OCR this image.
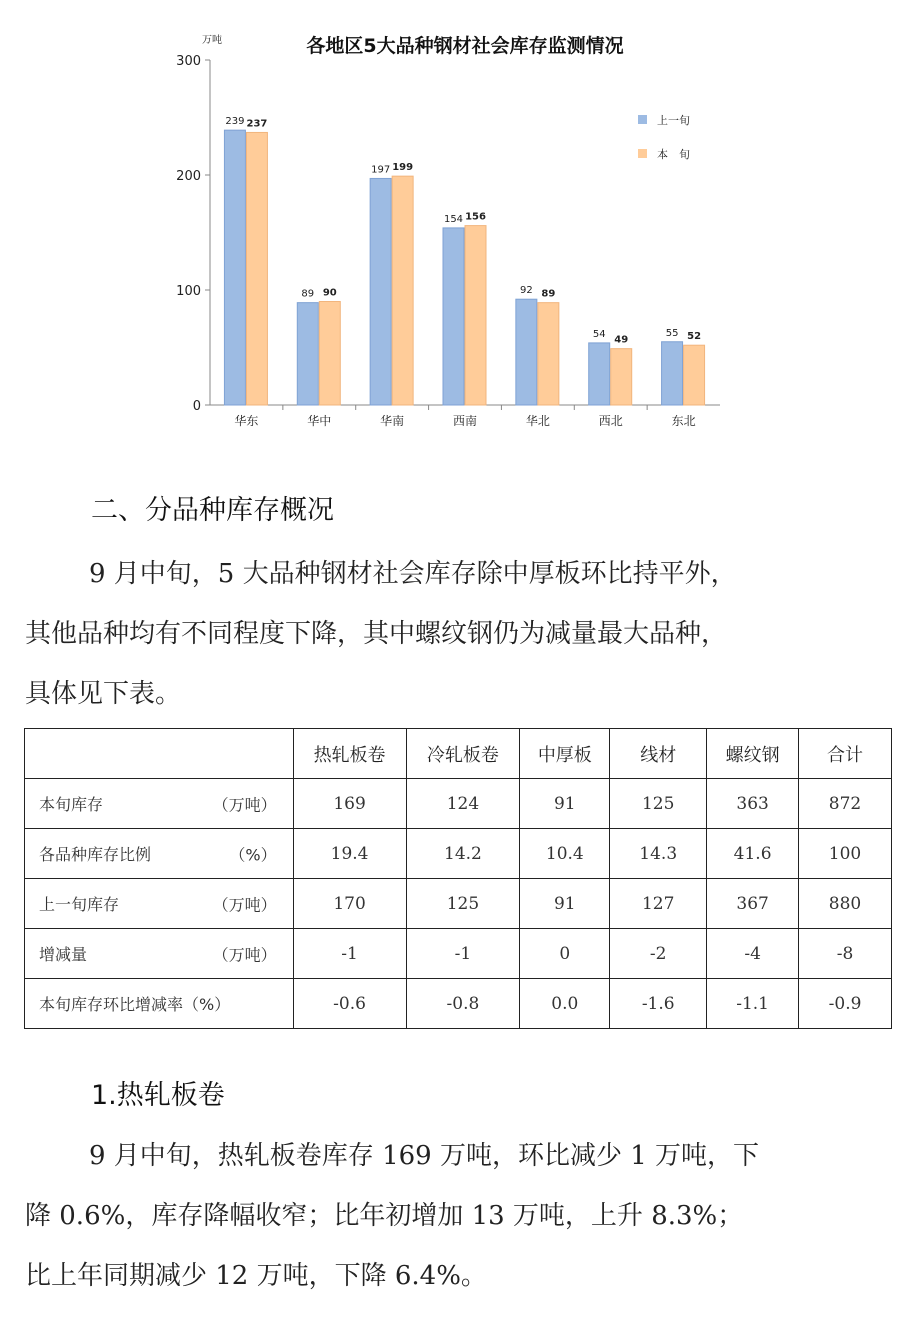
各地区5大品种钢材社会库存监测情况
万吨
0
100
200
300
华东	华中	华南	西南	华北	西北	东北
239 237
89 90
197 199
154 156
92 89
54
49
55 52
上一旬
本　旬
二、分品种库存概况
9 月中旬，5 大品种钢材社会库存除中厚板环比持平外，
其他品种均有不同程度下降，其中螺纹钢仍为减量最大品种，
具体见下表。
	热轧板卷	冷轧板卷	中厚板	线材	螺纹钢	合计
本旬库存 （万吨）	169	124	91	125	363	872
各品种库存比例 （%）	19.4	14.2	10.4	14.3	41.6	100
上一旬库存 （万吨）	170	125	91	127	367	880
增减量 （万吨）	-1	-1	0	-2	-4	-8
本旬库存环比增减率（%）	-0.6	-0.8	0.0	-1.6	-1.1	-0.9
1.热轧板卷
9 月中旬，热轧板卷库存 169 万吨，环比减少 1 万吨，下
降 0.6%，库存降幅收窄；比年初增加 13 万吨，上升 8.3%；
比上年同期减少 12 万吨，下降 6.4%。
